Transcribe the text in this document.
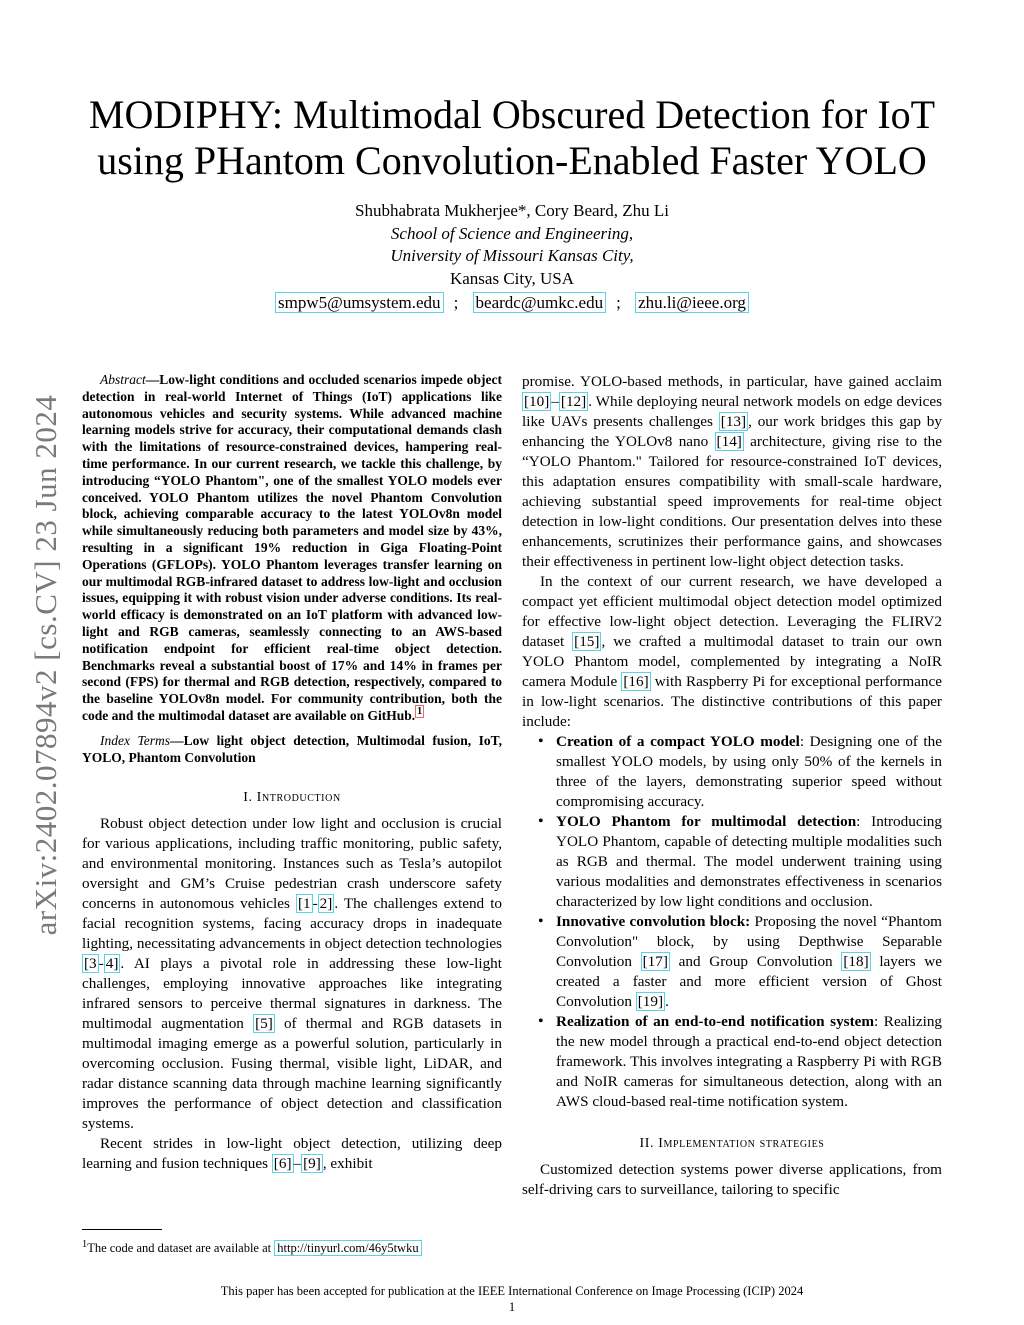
arXiv:2402.07894v2 [cs.CV] 23 Jun 2024
MODIPHY: Multimodal Obscured Detection for IoT
using PHantom Convolution-Enabled Faster YOLO
Shubhabrata Mukherjee*, Cory Beard, Zhu Li
School of Science and Engineering,
University of Missouri Kansas City,
Kansas City, USA
smpw5@umsystem.edu ; beardc@umkc.edu ; zhu.li@ieee.org

Abstract—Low-light conditions and occluded scenarios impede object detection in real-world Internet of Things (IoT) applications like autonomous vehicles and security systems. While advanced machine learning models strive for accuracy, their computational demands clash with the limitations of resource-constrained devices, hampering real-time performance. In our current research, we tackle this challenge, by introducing “YOLO Phantom", one of the smallest YOLO models ever conceived. YOLO Phantom utilizes the novel Phantom Convolution block, achieving comparable accuracy to the latest YOLOv8n model while simultaneously reducing both parameters and model size by 43%, resulting in a significant 19% reduction in Giga Floating-Point Operations (GFLOPs). YOLO Phantom leverages transfer learning on our multimodal RGB-infrared dataset to address low-light and occlusion issues, equipping it with robust vision under adverse conditions. Its real-world efficacy is demonstrated on an IoT platform with advanced low-light and RGB cameras, seamlessly connecting to an AWS-based notification endpoint for efficient real-time object detection. Benchmarks reveal a substantial boost of 17% and 14% in frames per second (FPS) for thermal and RGB detection, respectively, compared to the baseline YOLOv8n model. For community contribution, both the code and the multimodal dataset are available on GitHub. $^1$

Index Terms—Low light object detection, Multimodal fusion, IoT, YOLO, Phantom Convolution

I. Introduction

Robust object detection under low light and occlusion is crucial for various applications, including traffic monitoring, public safety, and environmental monitoring. Instances such as Tesla’s autopilot oversight and GM’s Cruise pedestrian crash underscore safety concerns in autonomous vehicles [1 - 2] . The challenges extend to facial recognition systems, facing accuracy drops in inadequate lighting, necessitating advancements in object detection technologies [3 - 4] . AI plays a pivotal role in addressing these low-light challenges, employing innovative approaches like integrating infrared sensors to perceive thermal signatures in darkness. The multimodal augmentation [5] of thermal and RGB datasets in multimodal imaging emerge as a powerful solution, particularly in overcoming occlusion. Fusing thermal, visible light, LiDAR, and radar distance scanning data through machine learning significantly improves the performance of object detection and classification systems.

Recent strides in low-light object detection, utilizing deep learning and fusion techniques [6] – [9] , exhibit

$^1$The code and dataset are available at http://tinyurl.com/46y5twku

promise. YOLO-based methods, in particular, have gained acclaim [10] – [12] . While deploying neural network models on edge devices like UAVs presents challenges [13] , our work bridges this gap by enhancing the YOLOv8 nano [14] architecture, giving rise to the “YOLO Phantom." Tailored for resource-constrained IoT devices, this adaptation ensures compatibility with small-scale hardware, achieving substantial speed improvements for real-time object detection in low-light conditions. Our presentation delves into these enhancements, scrutinizes their performance gains, and showcases their effectiveness in pertinent low-light object detection tasks.

In the context of our current research, we have developed a compact yet efficient multimodal object detection model optimized for effective low-light object detection. Leveraging the FLIRV2 dataset [15] , we crafted a multimodal dataset to train our own YOLO Phantom model, complemented by integrating a NoIR camera Module [16] with Raspberry Pi for exceptional performance in low-light scenarios. The distinctive contributions of this paper include:

• Creation of a compact YOLO model: Designing one of the smallest YOLO models, by using only 50% of the kernels in three of the layers, demonstrating superior speed without compromising accuracy.
• YOLO Phantom for multimodal detection: Introducing YOLO Phantom, capable of detecting multiple modalities such as RGB and thermal. The model underwent training using various modalities and demonstrates effectiveness in scenarios characterized by low light conditions and occlusion.
• Innovative convolution block: Proposing the novel “Phantom Convolution" block, by using Depthwise Separable Convolution [17] and Group Convolution [18] layers we created a faster and more efficient version of Ghost Convolution [19] .
• Realization of an end-to-end notification system: Realizing the new model through a practical end-to-end object detection framework. This involves integrating a Raspberry Pi with RGB and NoIR cameras for simultaneous detection, along with an AWS cloud-based real-time notification system.
II. Implementation strategies

Customized detection systems power diverse applications, from self-driving cars to surveillance, tailoring to specific

This paper has been accepted for publication at the IEEE International Conference on Image Processing (ICIP) 2024
1
